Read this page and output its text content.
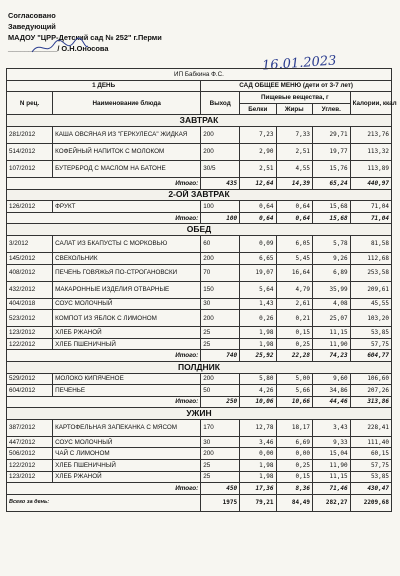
Согласовано
Заведующий
МАДОУ "ЦРР-Детский сад № 252" г.Перми
____________/ О.Н.Оносова
16.01.2023
ИП Бабкина Ф.С.						
1 ДЕНЬ		САД ОБЩЕЕ МЕНЮ (дети от 3-7 лет)				
N рец.	Наименование блюда	Выход	Пищевые вещества, г			Калории, ккал
			Белки	Жиры	Углев.	
ЗАВТРАК						
281/2012	КАША ОВСЯНАЯ ИЗ "ГЕРКУЛЕСА" ЖИДКАЯ	200	7,23	7,33	29,71	213,76
514/2012	КОФЕЙНЫЙ НАПИТОК С МОЛОКОМ	200	2,90	2,51	19,77	113,32
107/2012	БУТЕРБРОД С МАСЛОМ НА БАТОНЕ	30/5	2,51	4,55	15,76	113,89
Итого:		435	12,64	14,39	65,24	440,97
2-ОЙ ЗАВТРАК						
126/2012	ФРУКТ	100	0,64	0,64	15,68	71,04
Итого:		100	0,64	0,64	15,68	71,04
ОБЕД						
3/2012	САЛАТ ИЗ БКАПУСТЫ С МОРКОВЬЮ	60	0,09	6,05	5,78	81,58
145/2012	СВЕКОЛЬНИК	200	6,65	5,45	9,26	112,68
408/2012	ПЕЧЕНЬ ГОВЯЖЬЯ ПО-СТРОГАНОВСКИ	70	19,07	16,64	6,89	253,58
432/2012	МАКАРОННЫЕ ИЗДЕЛИЯ ОТВАРНЫЕ	150	5,64	4,79	35,99	209,61
404/2018	СОУС МОЛОЧНЫЙ	30	1,43	2,61	4,08	45,55
523/2012	КОМПОТ ИЗ ЯБЛОК С ЛИМОНОМ	200	0,26	0,21	25,07	103,20
123/2012	ХЛЕБ РЖАНОЙ	25	1,98	0,15	11,15	53,85
122/2012	ХЛЕБ ПШЕНИЧНЫЙ	25	1,98	0,25	11,90	57,75
Итого:		740	25,92	22,28	74,23	604,77
ПОЛДНИК						
529/2012	МОЛОКО КИПЯЧЕНОЕ	200	5,80	5,00	9,60	106,60
604/2012	ПЕЧЕНЬЕ	50	4,26	5,66	34,86	207,26
Итого:		250	10,06	10,66	44,46	313,86
УЖИН						
387/2012	КАРТОФЕЛЬНАЯ ЗАПЕКАНКА С МЯСОМ	170	12,78	18,17	3,43	228,41
447/2012	СОУС МОЛОЧНЫЙ	30	3,46	6,69	9,33	111,40
506/2012	ЧАЙ С ЛИМОНОМ	200	0,00	0,00	15,04	60,15
122/2012	ХЛЕБ ПШЕНИЧНЫЙ	25	1,98	0,25	11,90	57,75
123/2012	ХЛЕБ РЖАНОЙ	25	1,98	0,15	11,15	53,85
Итого:		450	17,36	8,36	71,46	430,47
Всего за день:		1975	79,21	84,49	282,27	2209,68
